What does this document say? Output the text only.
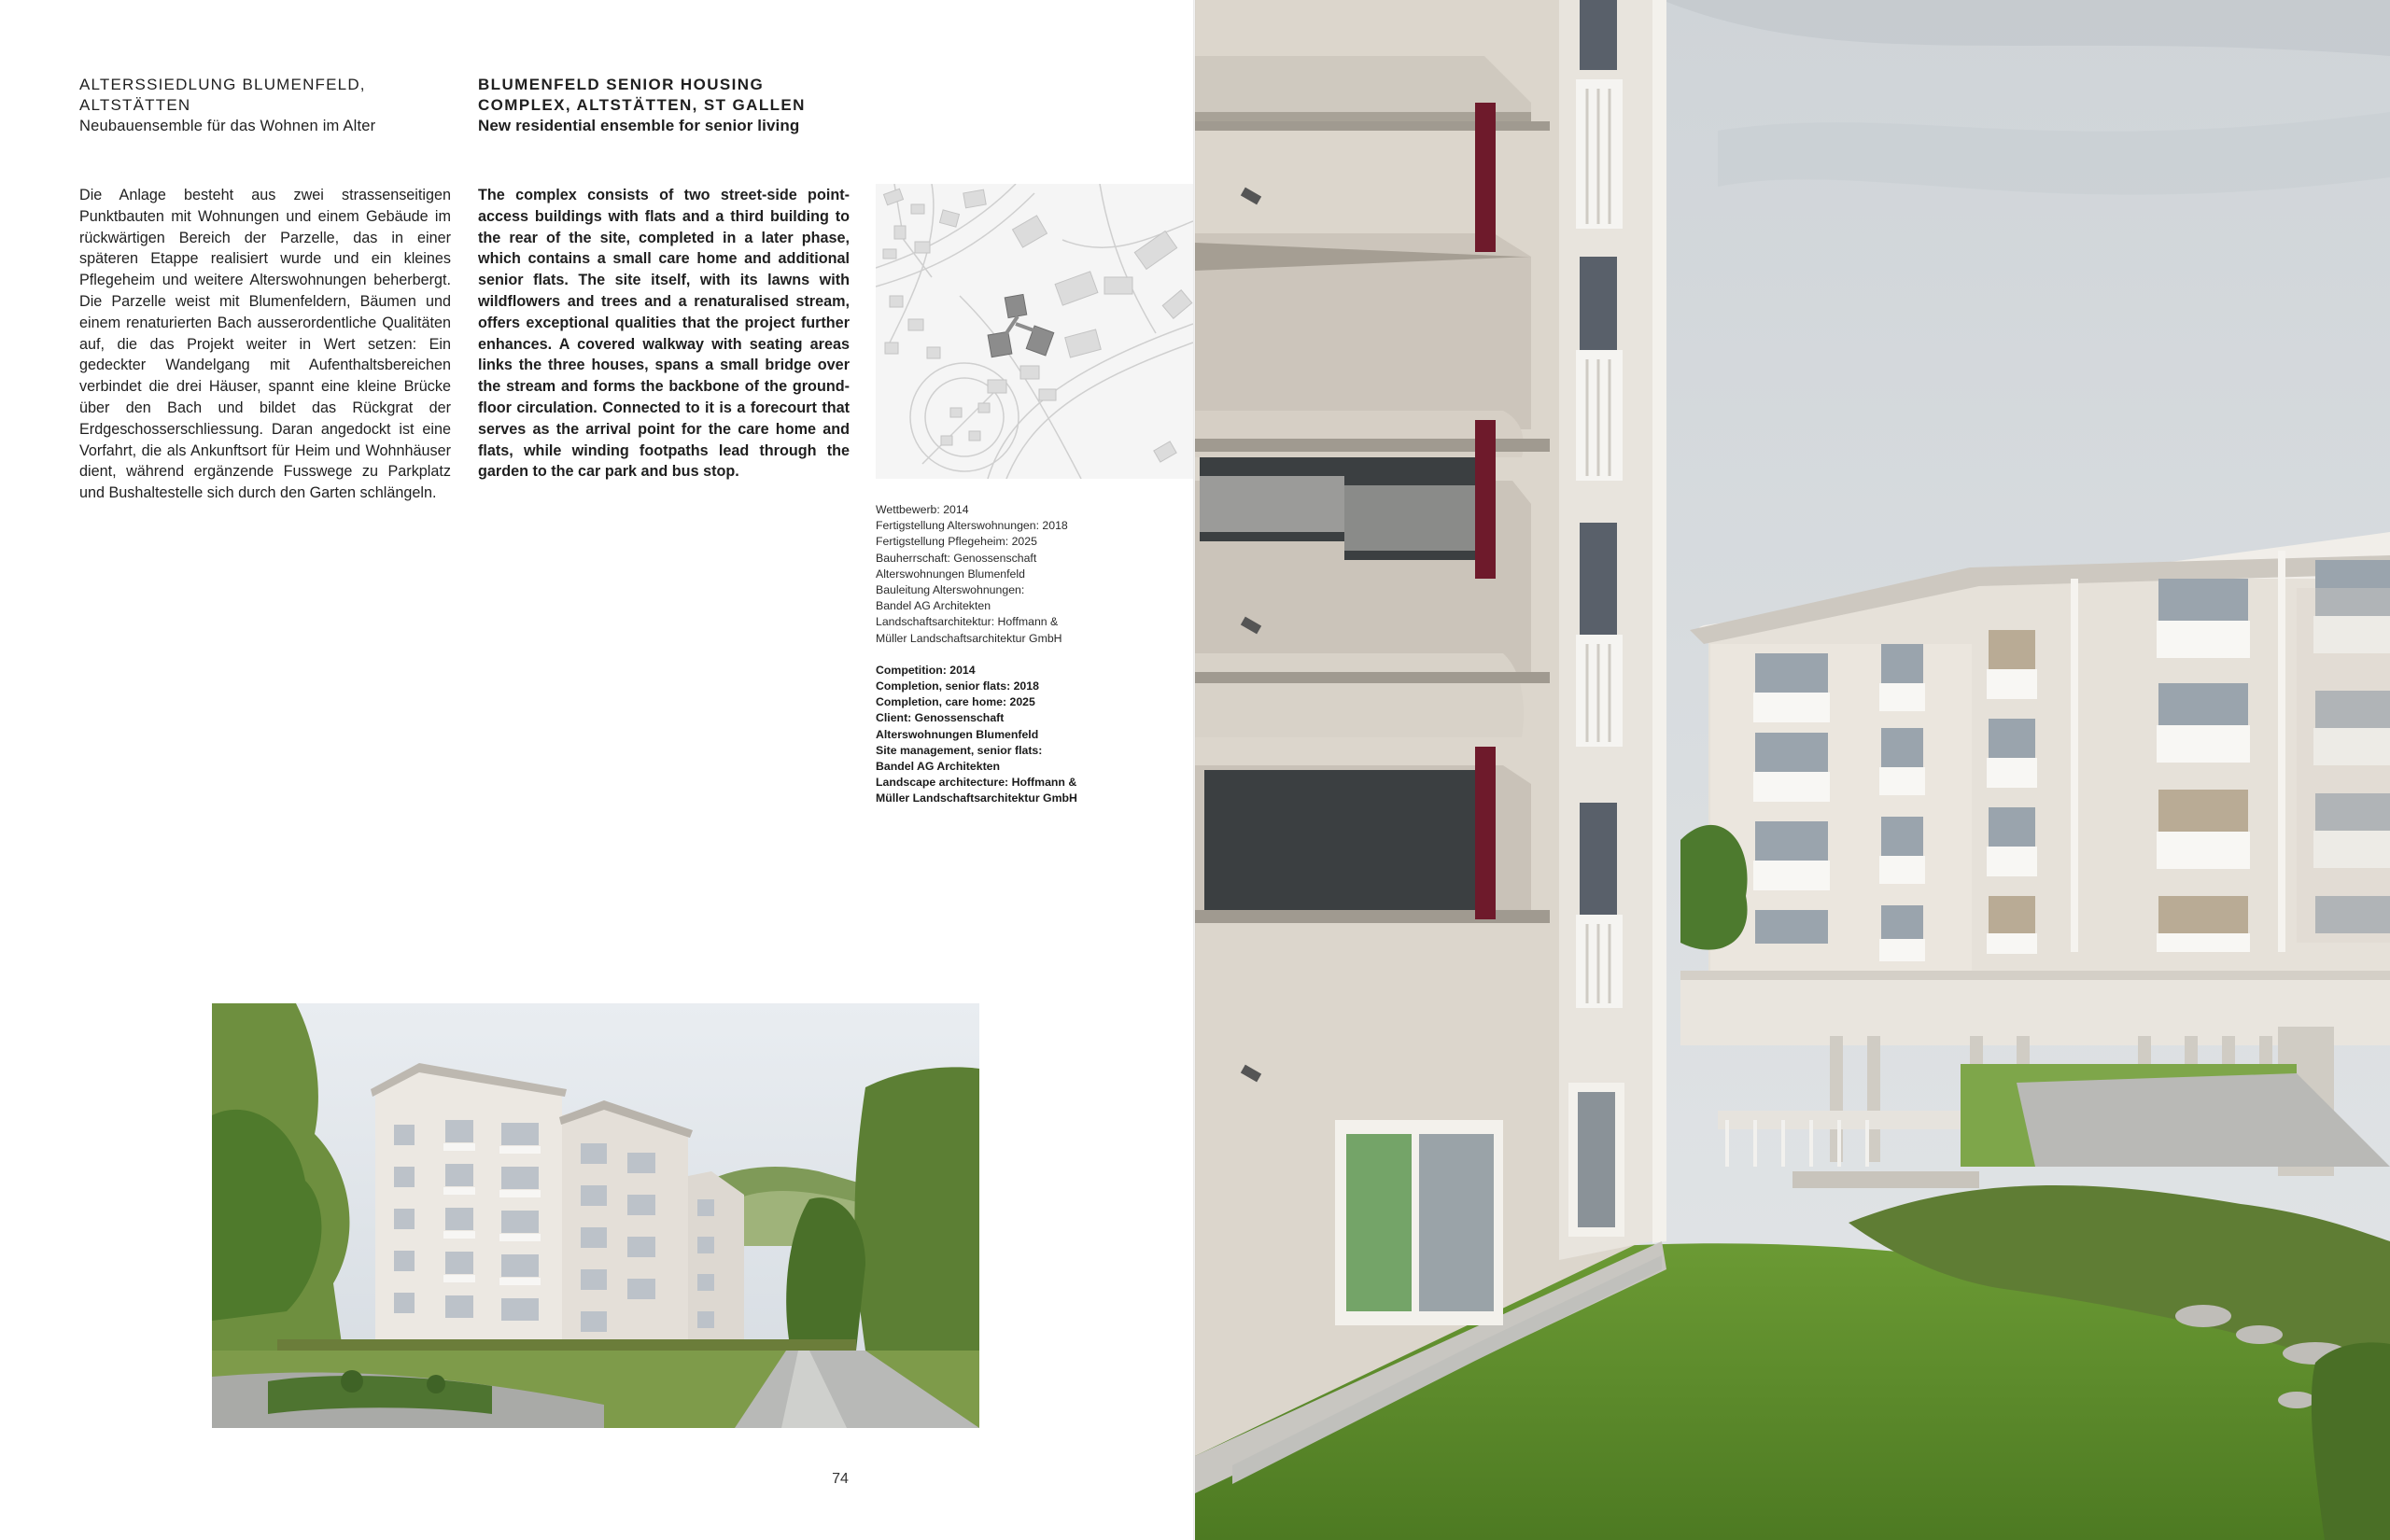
ALTERSSIEDLUNG BLUMENFELD, ALTSTÄTTEN
Neubauensemble für das Wohnen im Alter
BLUMENFELD SENIOR HOUSING COMPLEX, ALTSTÄTTEN, ST GALLEN
New residential ensemble for senior living
Die Anlage besteht aus zwei strassenseitigen Punktbauten mit Wohnungen und einem Gebäude im rückwärtigen Bereich der Parzelle, das in einer späteren Etappe realisiert wurde und ein kleines Pflegeheim und weitere Alterswohnungen beherbergt. Die Parzelle weist mit Blumenfeldern, Bäumen und einem renaturierten Bach ausserordentliche Qualitäten auf, die das Projekt weiter in Wert setzen: Ein gedeckter Wandelgang mit Aufenthaltsbereichen verbindet die drei Häuser, spannt eine kleine Brücke über den Bach und bildet das Rückgrat der Erdgeschosserschliessung. Daran angedockt ist eine Vorfahrt, die als Ankunftsort für Heim und Wohnhäuser dient, während ergänzende Fusswege zu Parkplatz und Bushaltestelle sich durch den Garten schlängeln.
The complex consists of two street-side point-access buildings with flats and a third building to the rear of the site, completed in a later phase, which contains a small care home and additional senior flats. The site itself, with its lawns with wildflowers and trees and a renaturalised stream, offers exceptional qualities that the project further enhances. A covered walkway with seating areas links the three houses, spans a small bridge over the stream and forms the backbone of the ground-floor circulation. Connected to it is a forecourt that serves as the arrival point for the care home and flats, while winding footpaths lead through the garden to the car park and bus stop.
Wettbewerb: 2014
Fertigstellung Alterswohnungen: 2018
Fertigstellung Pflegeheim: 2025
Bauherrschaft: Genossenschaft
Alterswohnungen Blumenfeld
Bauleitung Alterswohnungen:
Bandel AG Architekten
Landschaftsarchitektur: Hoffmann &
Müller Landschaftsarchitektur GmbH
Competition: 2014
Completion, senior flats: 2018
Completion, care home: 2025
Client: Genossenschaft
Alterswohnungen Blumenfeld
Site management, senior flats:
Bandel AG Architekten
Landscape architecture: Hoffmann &
Müller Landschaftsarchitektur GmbH
74
